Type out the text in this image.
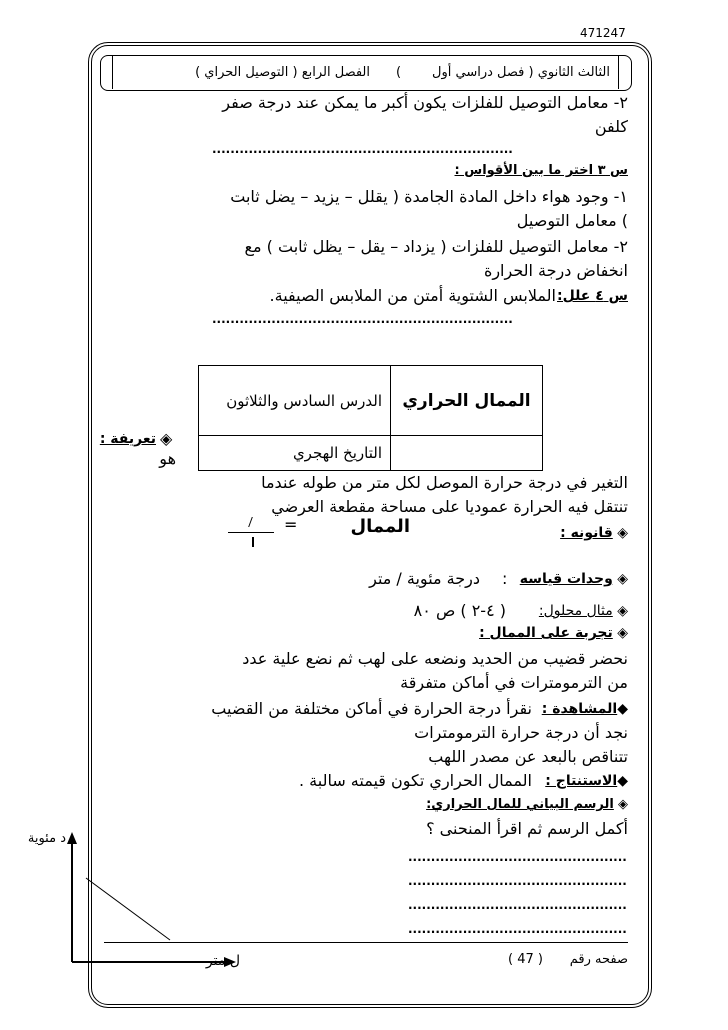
471247
الثالث الثانوي ( فصل دراسي أول
(
الفصل الرابع ( التوصيل الحراي )
٢- معامل التوصيل للفلزات يكون أكبر ما يمكن عند درجة صفر
كلفن
..................................................................
س ٣ اختر ما بين الأقواس :
١- وجود هواء داخل المادة الجامدة ( يقلل – يزيد – يضل ثابت
) معامل التوصيل
٢- معامل التوصيل للفلزات ( يزداد – يقل – يظل ثابت ) مع
انخفاض درجة الحرارة
س ٤ علل:
الملابس الشتوية أمتن من الملابس الصيفية.
..................................................................
الدرس السادس والثلاثون	الممال الحراري
التاريخ الهجري	
◈
تعريفة :
هو
التغير في درجة حرارة الموصل لكل متر من طوله عندما
تنتقل فيه الحرارة عموديا على مساحة مقطعة العرضي
◈ قانونه :
الممال
=
◈ وحدات قياسه
:
درجة مئوية / متر
◈ مثال محلول:
( ٤-٢ ) ص ٨٠
◈ تجربة على الممال :
نحضر قضيب من الحديد ونضعه على لهب ثم نضع علية عدد
من الترمومترات في أماكن متفرقة
◆المشاهدة :
نقرأ درجة الحرارة في أماكن مختلفة من القضيب
نجد أن درجة حرارة الترمومترات
تتناقص بالبعد عن مصدر اللهب
◆الاستنتاج :
الممال الحراري تكون قيمته سالبة .
◈ الرسم البياني للمال الحراري:
أكمل الرسم ثم اقرأ المنحنى ؟
................................................
................................................
................................................
................................................
د مئوية
ل متر	صفحه رقم
( 47 )
